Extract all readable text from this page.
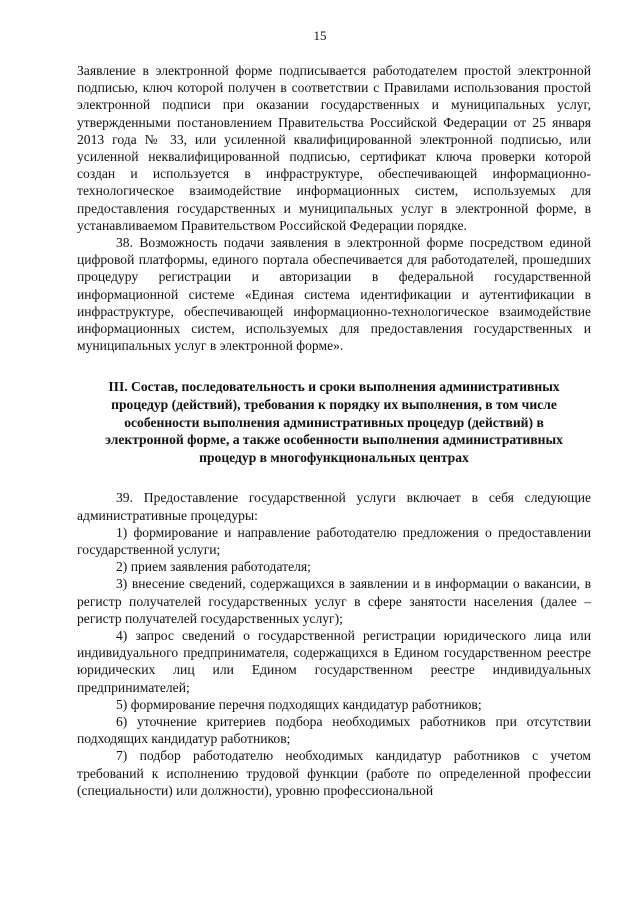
15

Заявление в электронной форме подписывается работодателем простой электронной подписью, ключ которой получен в соответствии с Правилами использования простой электронной подписи при оказании государственных и муниципальных услуг, утвержденными постановлением Правительства Российской Федерации от 25 января 2013 года № 33, или усиленной квалифицированной электронной подписью, или усиленной неквалифицированной подписью, сертификат ключа проверки которой создан и используется в инфраструктуре, обеспечивающей информационно-технологическое взаимодействие информационных систем, используемых для предоставления государственных и муниципальных услуг в электронной форме, в устанавливаемом Правительством Российской Федерации порядке.

38. Возможность подачи заявления в электронной форме посредством единой цифровой платформы, единого портала обеспечивается для работодателей, прошедших процедуру регистрации и авторизации в федеральной государственной информационной системе «Единая система идентификации и аутентификации в инфраструктуре, обеспечивающей информационно-технологическое взаимодействие информационных систем, используемых для предоставления государственных и муниципальных услуг в электронной форме».

III. Состав, последовательность и сроки выполнения административных процедур (действий), требования к порядку их выполнения, в том числе особенности выполнения административных процедур (действий) в электронной форме, а также особенности выполнения административных процедур в многофункциональных центрах

39. Предоставление государственной услуги включает в себя следующие административные процедуры:

1) формирование и направление работодателю предложения о предоставлении государственной услуги;

2) прием заявления работодателя;

3) внесение сведений, содержащихся в заявлении и в информации о вакансии, в регистр получателей государственных услуг в сфере занятости населения (далее – регистр получателей государственных услуг);

4) запрос сведений о государственной регистрации юридического лица или индивидуального предпринимателя, содержащихся в Едином государственном реестре юридических лиц или Едином государственном реестре индивидуальных предпринимателей;

5) формирование перечня подходящих кандидатур работников;

6) уточнение критериев подбора необходимых работников при отсутствии подходящих кандидатур работников;

7) подбор работодателю необходимых кандидатур работников с учетом требований к исполнению трудовой функции (работе по определенной профессии (специальности) или должности), уровню профессиональной
